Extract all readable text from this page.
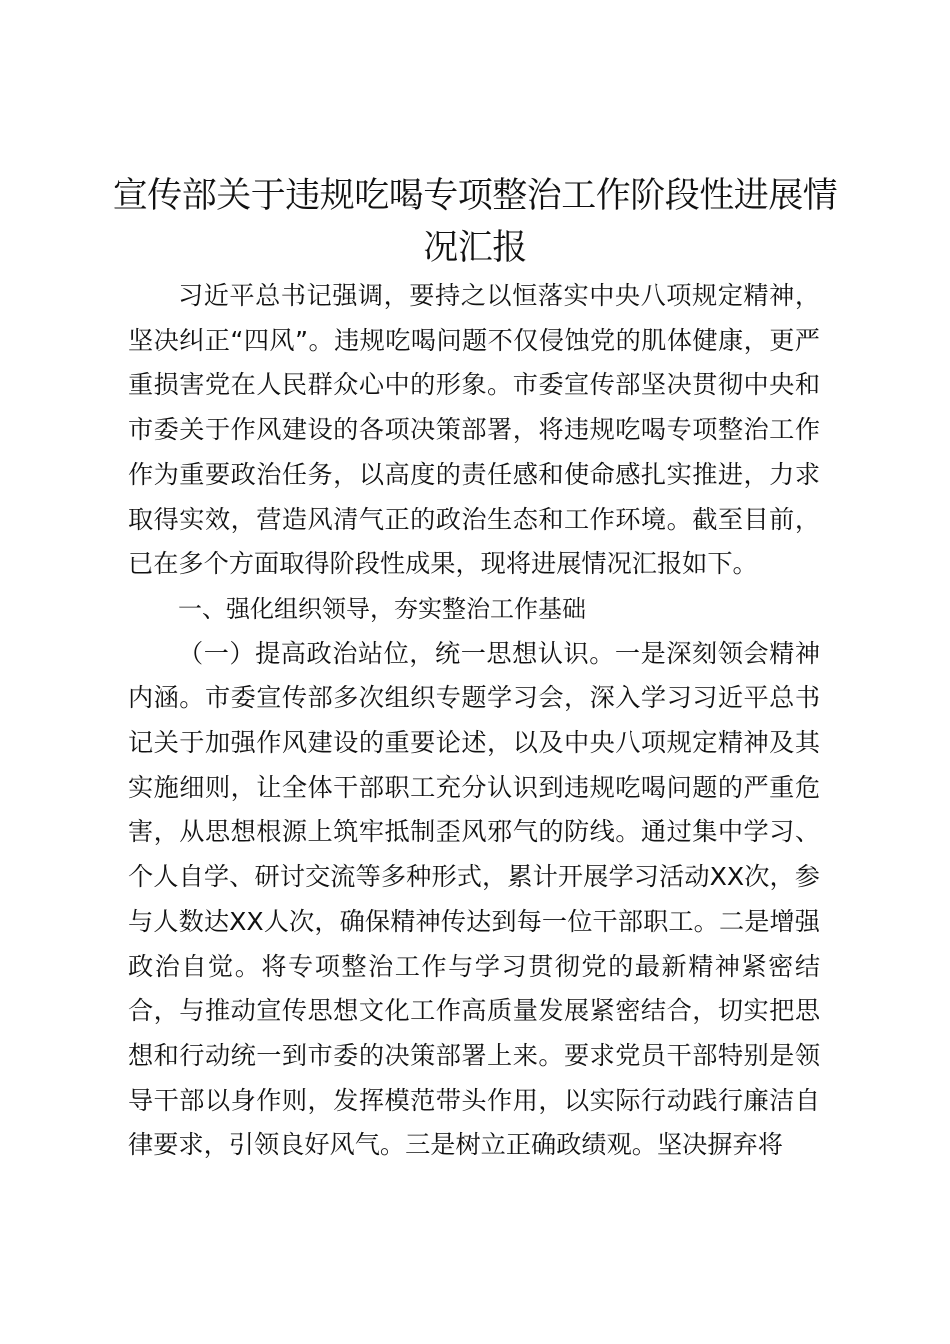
宣传部关于违规吃喝专项整治工作阶段性进展情况汇报

习近平总书记强调，要持之以恒落实中央八项规定精神，坚决纠正“四风”。违规吃喝问题不仅侵蚀党的肌体健康，更严重损害党在人民群众心中的形象。市委宣传部坚决贯彻中央和市委关于作风建设的各项决策部署，将违规吃喝专项整治工作作为重要政治任务，以高度的责任感和使命感扎实推进，力求取得实效，营造风清气正的政治生态和工作环境。截至目前，已在多个方面取得阶段性成果，现将进展情况汇报如下。

一、强化组织领导，夯实整治工作基础

（一）提高政治站位，统一思想认识。一是深刻领会精神内涵。市委宣传部多次组织专题学习会，深入学习习近平总书记关于加强作风建设的重要论述，以及中央八项规定精神及其实施细则，让全体干部职工充分认识到违规吃喝问题的严重危害，从思想根源上筑牢抵制歪风邪气的防线。通过集中学习、个人自学、研讨交流等多种形式，累计开展学习活动XX次，参与人数达XX人次，确保精神传达到每一位干部职工。二是增强政治自觉。将专项整治工作与学习贯彻党的最新精神紧密结合，与推动宣传思想文化工作高质量发展紧密结合，切实把思想和行动统一到市委的决策部署上来。要求党员干部特别是领导干部以身作则，发挥模范带头作用，以实际行动践行廉洁自律要求，引领良好风气。三是树立正确政绩观。坚决摒弃将
